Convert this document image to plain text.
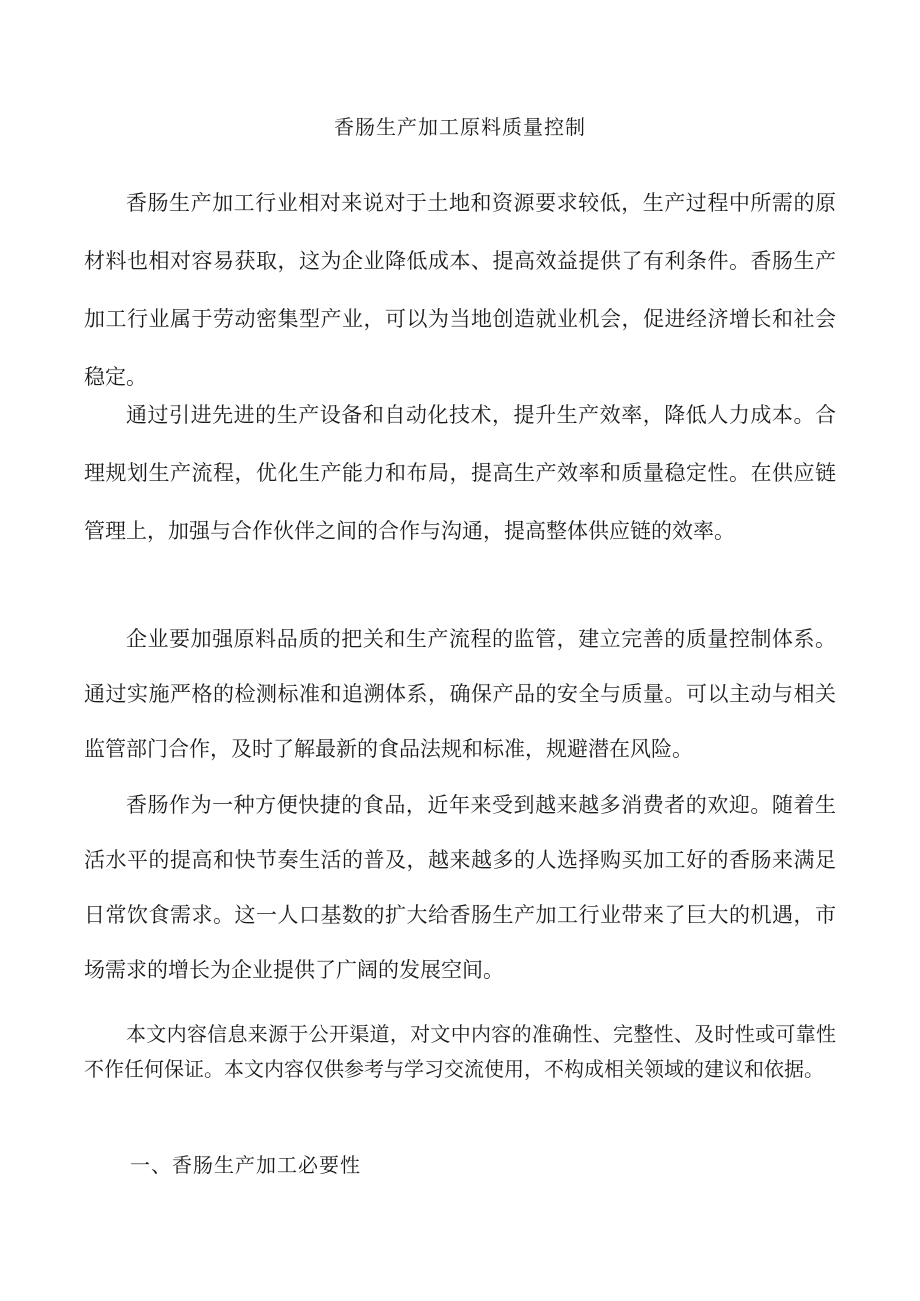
香肠生产加工原料质量控制
香肠生产加工行业相对来说对于土地和资源要求较低，生产过程中所需的原材料也相对容易获取，这为企业降低成本、提高效益提供了有利条件。香肠生产加工行业属于劳动密集型产业，可以为当地创造就业机会，促进经济增长和社会稳定。
通过引进先进的生产设备和自动化技术，提升生产效率，降低人力成本。合理规划生产流程，优化生产能力和布局，提高生产效率和质量稳定性。在供应链管理上，加强与合作伙伴之间的合作与沟通，提高整体供应链的效率。
企业要加强原料品质的把关和生产流程的监管，建立完善的质量控制体系。通过实施严格的检测标准和追溯体系，确保产品的安全与质量。可以主动与相关监管部门合作，及时了解最新的食品法规和标准，规避潜在风险。
香肠作为一种方便快捷的食品，近年来受到越来越多消费者的欢迎。随着生活水平的提高和快节奏生活的普及，越来越多的人选择购买加工好的香肠来满足日常饮食需求。这一人口基数的扩大给香肠生产加工行业带来了巨大的机遇，市场需求的增长为企业提供了广阔的发展空间。
本文内容信息来源于公开渠道，对文中内容的准确性、完整性、及时性或可靠性不作任何保证。本文内容仅供参考与学习交流使用，不构成相关领域的建议和依据。
一、香肠生产加工必要性
